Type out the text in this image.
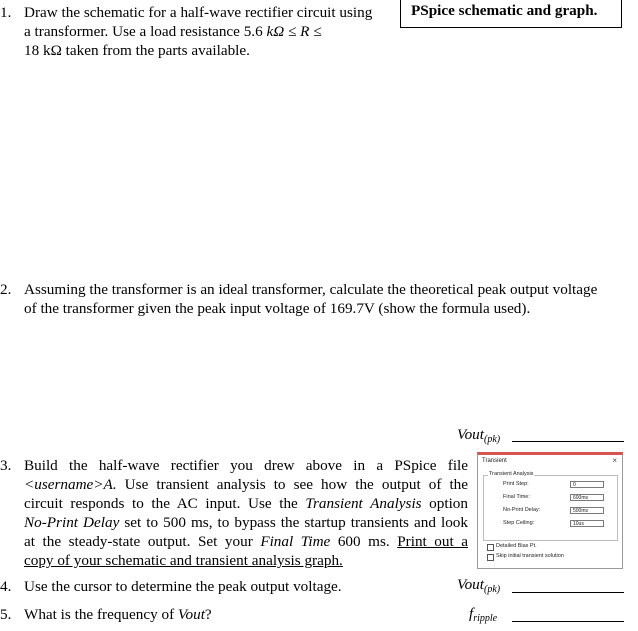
PSpice schematic and graph.
1. Draw the schematic for a half-wave rectifier circuit using
a transformer. Use a load resistance 5.6 kΩ ≤ R ≤
18 kΩ taken from the parts available.
2. Assuming the transformer is an ideal transformer, calculate the theoretical peak output voltage
of the transformer given the peak input voltage of 169.7V (show the formula used).
Vout$_{(pk)}$
3. Build the half-wave rectifier you drew above in a PSpice file
<username>A. Use transient analysis to see how the output of the
circuit responds to the AC input. Use the Transient Analysis option
No-Print Delay set to 500 ms, to bypass the startup transients and look
at the steady-state output. Set your Final Time 600 ms. Print out a
copy of your schematic and transient analysis graph.
Transient	×
Transient Analysis
Print Step:	0
Final Time:	600ms
No-Print Delay:	500ms
Step Ceiling:	10us
Detailed Bias Pt.
Skip initial transient solution
4. Use the cursor to determine the peak output voltage.	Vout$_{(pk)}$
5. What is the frequency of Vout?	$f_{ripple}$
